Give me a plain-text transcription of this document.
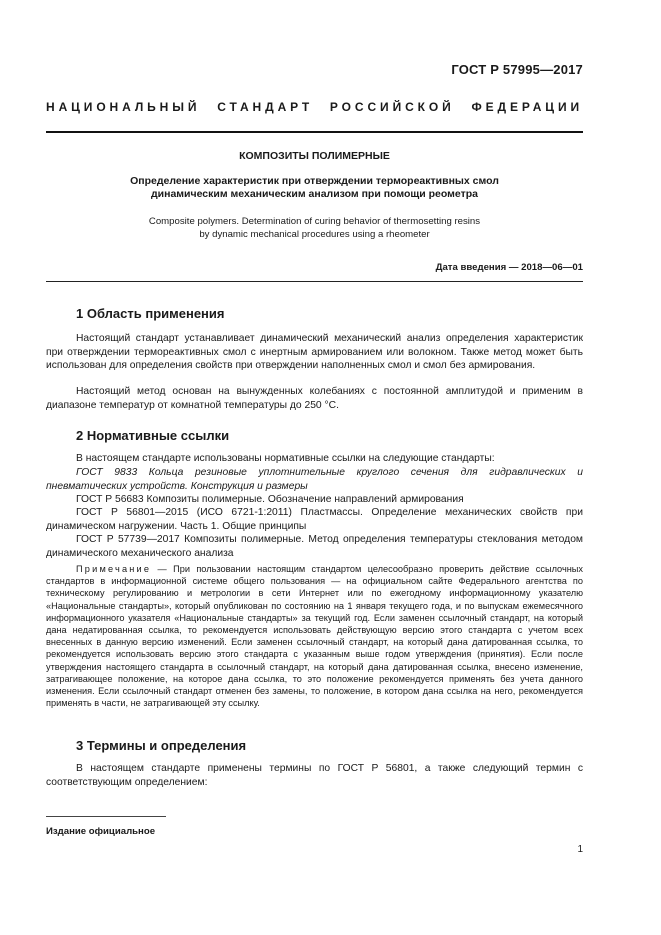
ГОСТ Р 57995—2017
НАЦИОНАЛЬНЫЙ СТАНДАРТ РОССИЙСКОЙ ФЕДЕРАЦИИ
КОМПОЗИТЫ ПОЛИМЕРНЫЕ
Определение характеристик при отверждении термореактивных смол
динамическим механическим анализом при помощи реометра
Composite polymers. Determination of curing behavior of thermosetting resins
by dynamic mechanical procedures using a rheometer
Дата введения — 2018—06—01
1 Область применения
Настоящий стандарт устанавливает динамический механический анализ определения характеристик при отверждении термореактивных смол с инертным армированием или волокном. Также метод может быть использован для определения свойств при отверждении наполненных смол и смол без армирования.
Настоящий метод основан на вынужденных колебаниях с постоянной амплитудой и применим в диапазоне температур от комнатной температуры до 250 °С.
2 Нормативные ссылки
В настоящем стандарте использованы нормативные ссылки на следующие стандарты:
ГОСТ 9833 Кольца резиновые уплотнительные круглого сечения для гидравлических и пневматических устройств. Конструкция и размеры
ГОСТ Р 56683 Композиты полимерные. Обозначение направлений армирования
ГОСТ Р 56801—2015 (ИСО 6721-1:2011) Пластмассы. Определение механических свойств при динамическом нагружении. Часть 1. Общие принципы
ГОСТ Р 57739—2017 Композиты полимерные. Метод определения температуры стеклования методом динамического механического анализа
Примечание — При пользовании настоящим стандартом целесообразно проверить действие ссылочных стандартов в информационной системе общего пользования — на официальном сайте Федерального агентства по техническому регулированию и метрологии в сети Интернет или по ежегодному информационному указателю «Национальные стандарты», который опубликован по состоянию на 1 января текущего года, и по выпускам ежемесячного информационного указателя «Национальные стандарты» за текущий год. Если заменен ссылочный стандарт, на который дана недатированная ссылка, то рекомендуется использовать действующую версию этого стандарта с учетом всех внесенных в данную версию изменений. Если заменен ссылочный стандарт, на который дана датированная ссылка, то рекомендуется использовать версию этого стандарта с указанным выше годом утверждения (принятия). Если после утверждения настоящего стандарта в ссылочный стандарт, на который дана датированная ссылка, внесено изменение, затрагивающее положение, на которое дана ссылка, то это положение рекомендуется применять без учета данного изменения. Если ссылочный стандарт отменен без замены, то положение, в котором дана ссылка на него, рекомендуется применять в части, не затрагивающей эту ссылку.
3 Термины и определения
В настоящем стандарте применены термины по ГОСТ Р 56801, а также следующий термин с соответствующим определением:
Издание официальное
1
